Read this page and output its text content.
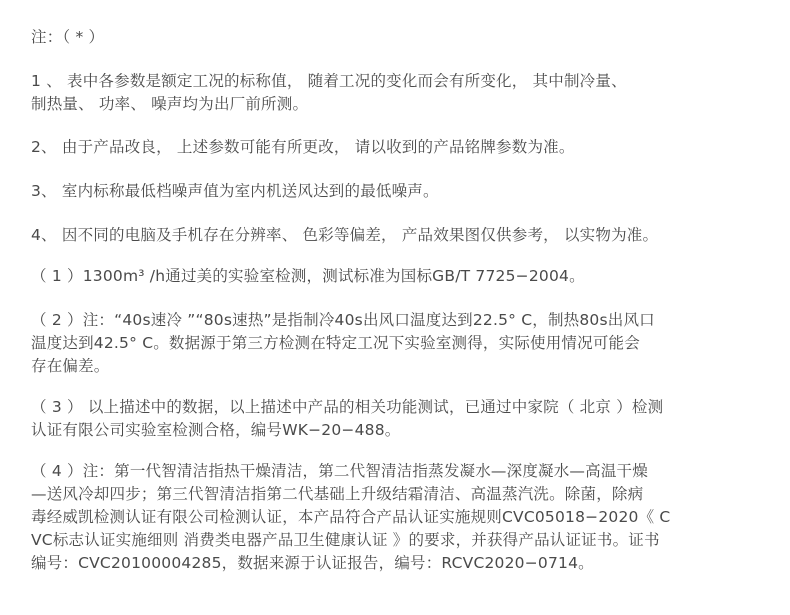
注：（ * ）
1 、 表中各参数是额定工况的标称值， 随着工况的变化而会有所变化， 其中制冷量、
制热量、 功率、 噪声均为出厂前所测。
2、 由于产品改良， 上述参数可能有所更改， 请以收到的产品铭牌参数为准。
3、 室内标称最低档噪声值为室内机送风达到的最低噪声。
4、 因不同的电脑及手机存在分辨率、 色彩等偏差， 产品效果图仅供参考， 以实物为准。
（ 1 ）1300m³ /h通过美的实验室检测，测试标准为国标GB/T 7725−2004。
（ 2 ）注：“40s速冷 ”“80s速热”是指制冷40s出风口温度达到22.5° C，制热80s出风口
温度达到42.5° C。数据源于第三方检测在特定工况下实验室测得，实际使用情况可能会
存在偏差。
（ 3 ） 以上描述中的数据，以上描述中产品的相关功能测试，已通过中家院（ 北京 ）检测
认证有限公司实验室检测合格，编号WK−20−488。
（ 4 ）注：第一代智清洁指热干燥清洁，第二代智清洁指蒸发凝水—深度凝水—高温干燥
—送风冷却四步；第三代智清洁指第二代基础上升级结霜清洁、高温蒸汽洗。除菌，除病
毒经威凯检测认证有限公司检测认证，本产品符合产品认证实施规则CVC05018−2020《 C
VC标志认证实施细则 消费类电器产品卫生健康认证 》的要求，并获得产品认证证书。证书
编号：CVC20100004285，数据来源于认证报告，编号：RCVC2020−0714。
